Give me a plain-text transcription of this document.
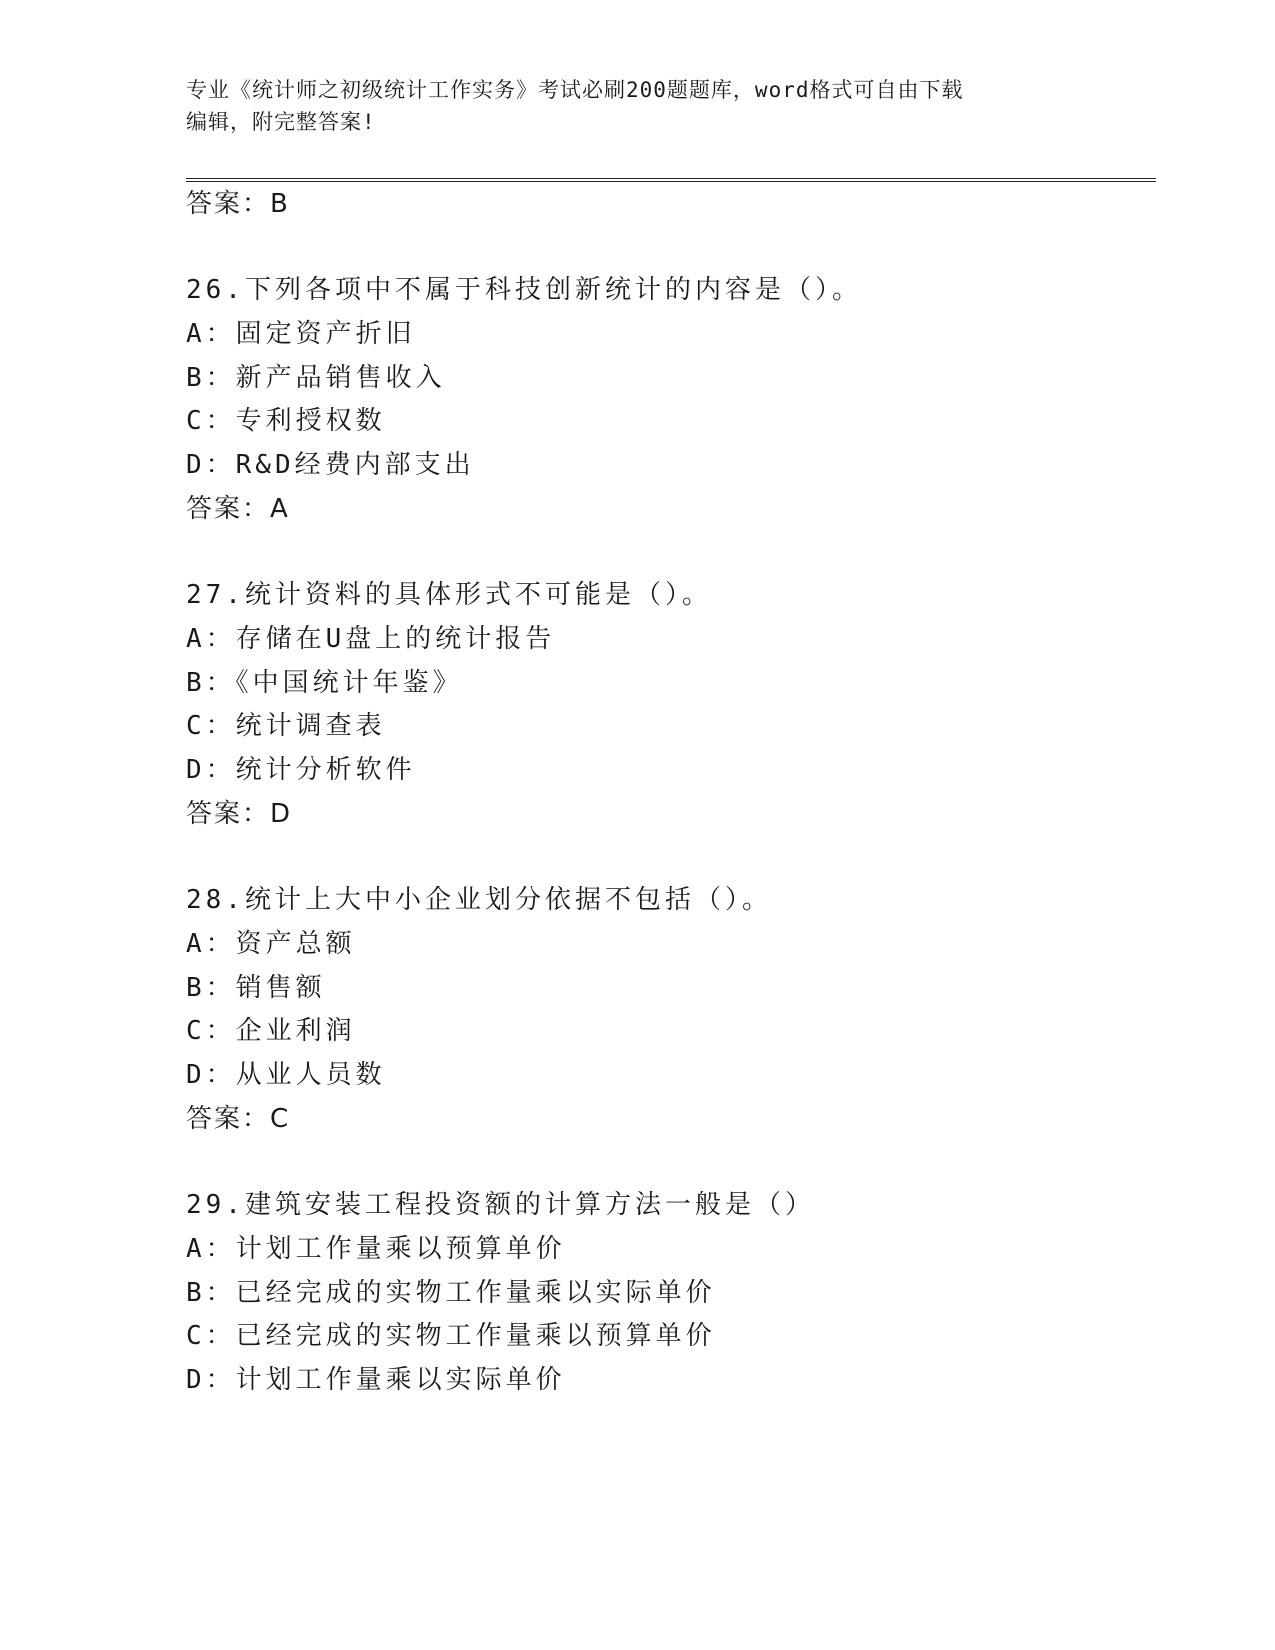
专业《统计师之初级统计工作实务》考试必刷200题题库，word格式可自由下载
编辑，附完整答案!
答案：B
26.下列各项中不属于科技创新统计的内容是（）。
A：固定资产折旧
B：新产品销售收入
C：专利授权数
D：R&D经费内部支出
答案：A
27.统计资料的具体形式不可能是（）。
A：存储在U盘上的统计报告
B：《中国统计年鉴》
C：统计调查表
D：统计分析软件
答案：D
28.统计上大中小企业划分依据不包括（）。
A：资产总额
B：销售额
C：企业利润
D：从业人员数
答案：C
29.建筑安装工程投资额的计算方法一般是（）
A：计划工作量乘以预算单价
B：已经完成的实物工作量乘以实际单价
C：已经完成的实物工作量乘以预算单价
D：计划工作量乘以实际单价
